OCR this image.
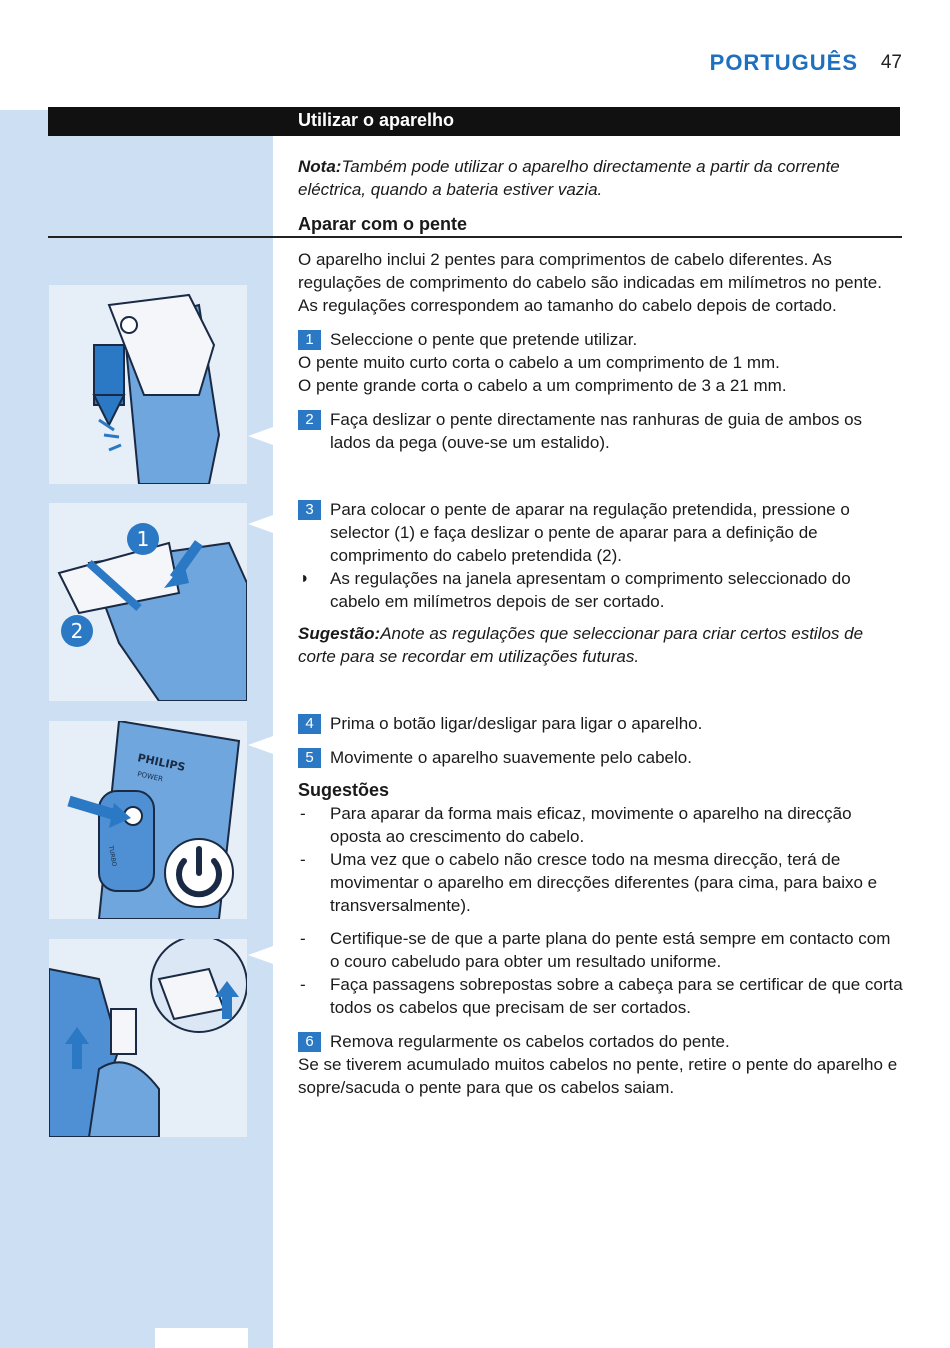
PORTUGUÊS 47
Utilizar o aparelho
1
2
PHILIPS
POWER
TURBO

Nota:Também pode utilizar o aparelho directamente a partir da corrente eléctrica, quando a bateria estiver vazia.

Aparar com o pente

O aparelho inclui 2 pentes para comprimentos de cabelo diferentes. As regulações de comprimento do cabelo são indicadas em milímetros no pente. As regulações correspondem ao tamanho do cabelo depois de cortado.

1 Seleccione o pente que pretende utilizar.

O pente muito curto corta o cabelo a um comprimento de 1 mm.

O pente grande corta o cabelo a um comprimento de 3 a 21 mm.

2 Faça deslizar o pente directamente nas ranhuras de guia de ambos os lados da pega (ouve-se um estalido).
3 Para colocar o pente de aparar na regulação pretendida, pressione o selector (1) e faça deslizar o pente de aparar para a definição de comprimento do cabelo pretendida (2).
◗ As regulações na janela apresentam o comprimento seleccionado do cabelo em milímetros depois de ser cortado.

Sugestão:Anote as regulações que seleccionar para criar certos estilos de corte para se recordar em utilizações futuras.

4 Prima o botão ligar/desligar para ligar o aparelho.
5 Movimente o aparelho suavemente pelo cabelo.
Sugestões
- Para aparar da forma mais eficaz, movimente o aparelho na direcção oposta ao crescimento do cabelo.
- Uma vez que o cabelo não cresce todo na mesma direcção, terá de movimentar o aparelho em direcções diferentes (para cima, para baixo e transversalmente).
- Certifique-se de que a parte plana do pente está sempre em contacto com o couro cabeludo para obter um resultado uniforme.
- Faça passagens sobrepostas sobre a cabeça para se certificar de que corta todos os cabelos que precisam de ser cortados.
6 Remova regularmente os cabelos cortados do pente.

Se se tiverem acumulado muitos cabelos no pente, retire o pente do aparelho e sopre/sacuda o pente para que os cabelos saiam.
